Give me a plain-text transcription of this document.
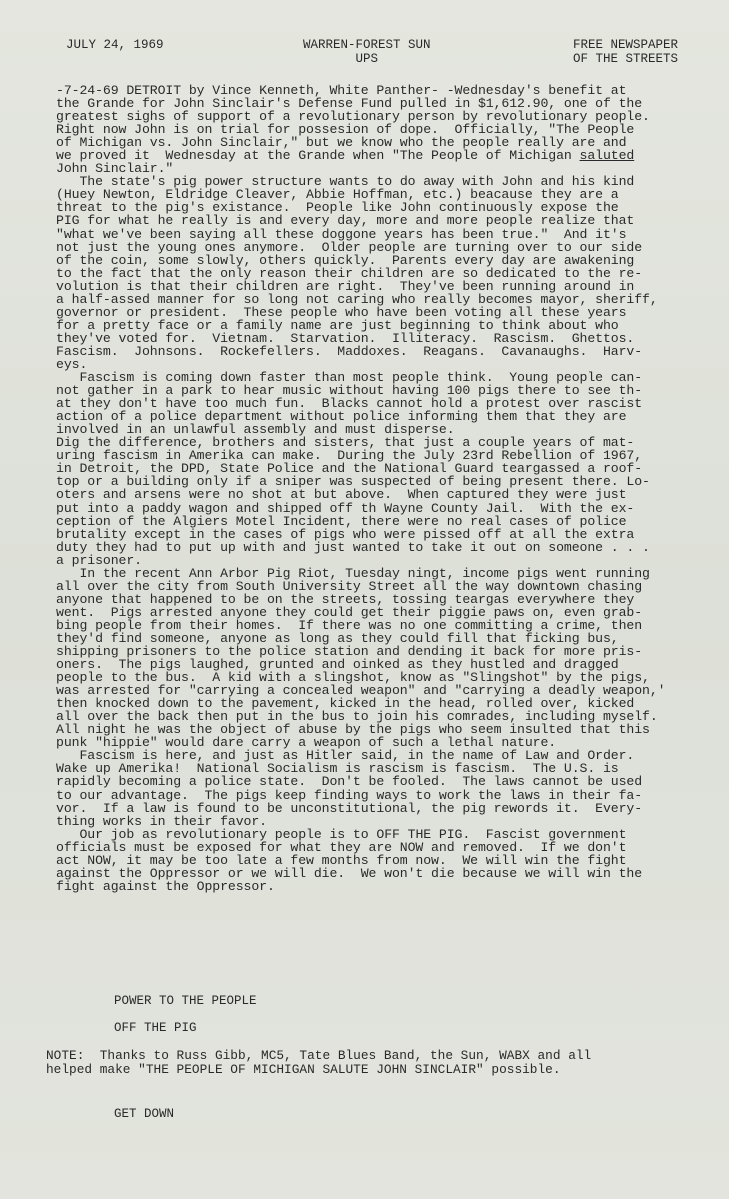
JULY 24, 1969	WARREN-FOREST SUN
UPS
FREE NEWSPAPER
OF THE STREETS

-7-24-69 DETROIT by Vince Kenneth, White Panther- -Wednesday's benefit at
the Grande for John Sinclair's Defense Fund pulled in $1,612.90, one of the
greatest sighs of support of a revolutionary person by revolutionary people.
Right now John is on trial for possesion of dope.  Officially, "The People
of Michigan vs. John Sinclair," but we know who the people really are and
we proved it  Wednesday at the Grande when "The People of Michigan saluted
John Sinclair."

The state's pig power structure wants to do away with John and his kind
(Huey Newton, Eldridge Cleaver, Abbie Hoffman, etc.) beacause they are a
threat to the pig's existance.  People like John continuously expose the
PIG for what he really is and every day, more and more people realize that
"what we've been saying all these doggone years has been true."  And it's
not just the young ones anymore.  Older people are turning over to our side
of the coin, some slowly, others quickly.  Parents every day are awakening
to the fact that the only reason their children are so dedicated to the re-
volution is that their children are right.  They've been running around in
a half-assed manner for so long not caring who really becomes mayor, sheriff,
governor or president.  These people who have been voting all these years
for a pretty face or a family name are just beginning to think about who
they've voted for.  Vietnam.  Starvation.  Illiteracy.  Rascism.  Ghettos.
Fascism.  Johnsons.  Rockefellers.  Maddoxes.  Reagans.  Cavanaughs.  Harv-
eys.

Fascism is coming down faster than most people think.  Young people can-
not gather in a park to hear music without having 100 pigs there to see th-
at they don't have too much fun.  Blacks cannot hold a protest over rascist
action of a police department without police informing them that they are
involved in an unlawful assembly and must disperse.
Dig the difference, brothers and sisters, that just a couple years of mat-
uring fascism in Amerika can make.  During the July 23rd Rebellion of 1967,
in Detroit, the DPD, State Police and the National Guard teargassed a roof-
top or a building only if a sniper was suspected of being present there. Lo-
oters and arsens were no shot at but above.  When captured they were just
put into a paddy wagon and shipped off th Wayne County Jail.  With the ex-
ception of the Algiers Motel Incident, there were no real cases of police
brutality except in the cases of pigs who were pissed off at all the extra
duty they had to put up with and just wanted to take it out on someone . . .
a prisoner.

In the recent Ann Arbor Pig Riot, Tuesday ningt, income pigs went running
all over the city from South University Street all the way downtown chasing
anyone that happened to be on the streets, tossing teargas everywhere they
went.  Pigs arrested anyone they could get their piggie paws on, even grab-
bing people from their homes.  If there was no one committing a crime, then
they'd find someone, anyone as long as they could fill that ficking bus,
shipping prisoners to the police station and dending it back for more pris-
oners.  The pigs laughed, grunted and oinked as they hustled and dragged
people to the bus.  A kid with a slingshot, know as "Slingshot" by the pigs,
was arrested for "carrying a concealed weapon" and "carrying a deadly weapon,'
then knocked down to the pavement, kicked in the head, rolled over, kicked
all over the back then put in the bus to join his comrades, including myself.
All night he was the object of abuse by the pigs who seem insulted that this
punk "hippie" would dare carry a weapon of such a lethal nature.

Fascism is here, and just as Hitler said, in the name of Law and Order.
Wake up Amerika!  National Socialism is rascism is fascism.  The U.S. is
rapidly becoming a police state.  Don't be fooled.  The laws cannot be used
to our advantage.  The pigs keep finding ways to work the laws in their fa-
vor.  If a law is found to be unconstitutional, the pig rewords it.  Every-
thing works in their favor.

Our job as revolutionary people is to OFF THE PIG.  Fascist government
officials must be exposed for what they are NOW and removed.  If we don't
act NOW, it may be too late a few months from now.  We will win the fight
against the Oppressor or we will die.  We won't die because we will win the
fight against the Oppressor.

POWER TO THE PEOPLE
OFF THE PIG
NOTE:  Thanks to Russ Gibb, MC5, Tate Blues Band, the Sun, WABX and all
helped make "THE PEOPLE OF MICHIGAN SALUTE JOHN SINCLAIR" possible.
GET DOWN
